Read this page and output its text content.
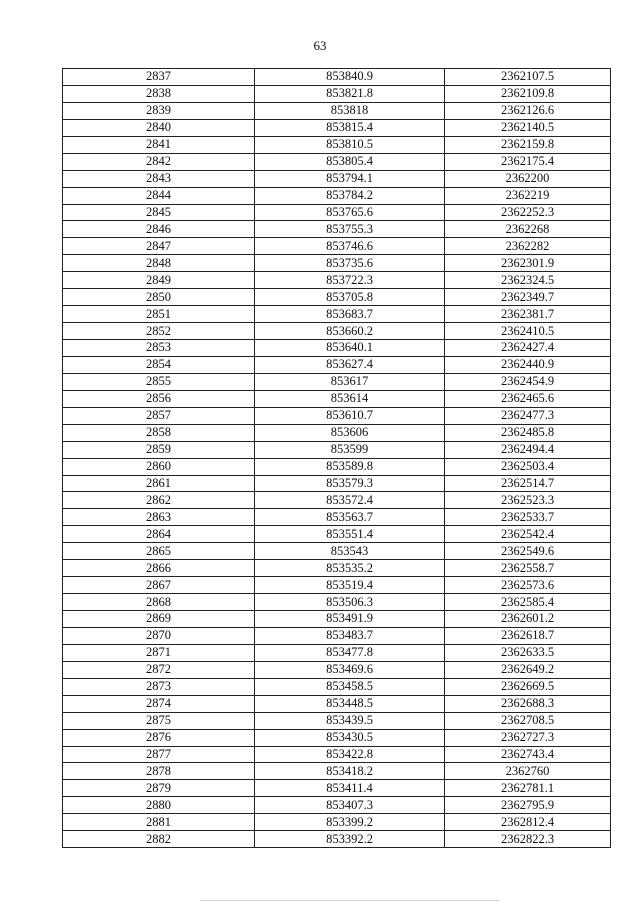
63
2837	853840.9	2362107.5
2838	853821.8	2362109.8
2839	853818	2362126.6
2840	853815.4	2362140.5
2841	853810.5	2362159.8
2842	853805.4	2362175.4
2843	853794.1	2362200
2844	853784.2	2362219
2845	853765.6	2362252.3
2846	853755.3	2362268
2847	853746.6	2362282
2848	853735.6	2362301.9
2849	853722.3	2362324.5
2850	853705.8	2362349.7
2851	853683.7	2362381.7
2852	853660.2	2362410.5
2853	853640.1	2362427.4
2854	853627.4	2362440.9
2855	853617	2362454.9
2856	853614	2362465.6
2857	853610.7	2362477.3
2858	853606	2362485.8
2859	853599	2362494.4
2860	853589.8	2362503.4
2861	853579.3	2362514.7
2862	853572.4	2362523.3
2863	853563.7	2362533.7
2864	853551.4	2362542.4
2865	853543	2362549.6
2866	853535.2	2362558.7
2867	853519.4	2362573.6
2868	853506.3	2362585.4
2869	853491.9	2362601.2
2870	853483.7	2362618.7
2871	853477.8	2362633.5
2872	853469.6	2362649.2
2873	853458.5	2362669.5
2874	853448.5	2362688.3
2875	853439.5	2362708.5
2876	853430.5	2362727.3
2877	853422.8	2362743.4
2878	853418.2	2362760
2879	853411.4	2362781.1
2880	853407.3	2362795.9
2881	853399.2	2362812.4
2882	853392.2	2362822.3
